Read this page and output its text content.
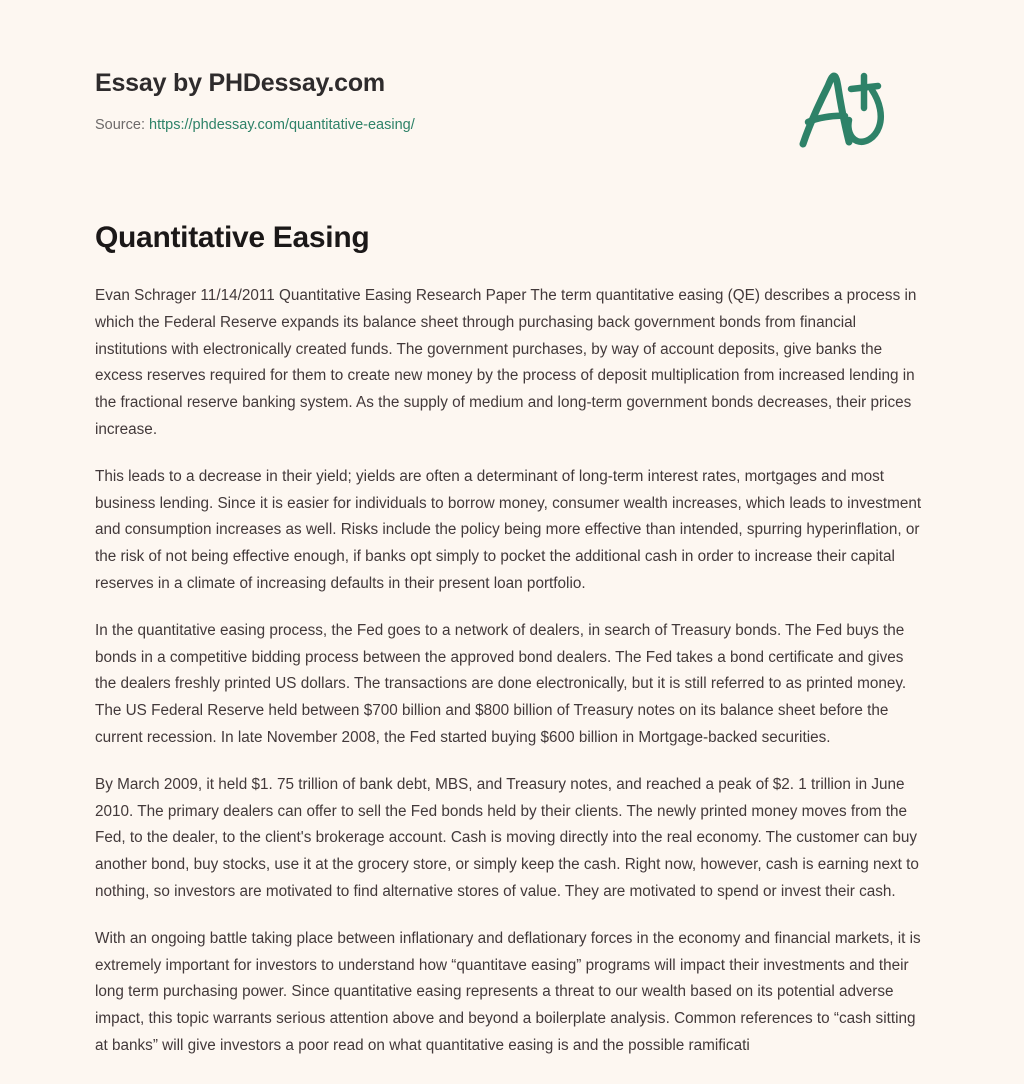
Essay by PHDessay.com
Source: https://phdessay.com/quantitative-easing/
Quantitative Easing

Evan Schrager 11/14/2011 Quantitative Easing Research Paper The term quantitative easing (QE) describes a process in which the Federal Reserve expands its balance sheet through purchasing back government bonds from financial institutions with electronically created funds. The government purchases, by way of account deposits, give banks the excess reserves required for them to create new money by the process of deposit multiplication from increased lending in the fractional reserve banking system. As the supply of medium and long-term government bonds decreases, their prices increase.

This leads to a decrease in their yield; yields are often a determinant of long-term interest rates, mortgages and most business lending. Since it is easier for individuals to borrow money, consumer wealth increases, which leads to investment and consumption increases as well. Risks include the policy being more effective than intended, spurring hyperinflation, or the risk of not being effective enough, if banks opt simply to pocket the additional cash in order to increase their capital reserves in a climate of increasing defaults in their present loan portfolio.

In the quantitative easing process, the Fed goes to a network of dealers, in search of Treasury bonds. The Fed buys the bonds in a competitive bidding process between the approved bond dealers. The Fed takes a bond certificate and gives the dealers freshly printed US dollars. The transactions are done electronically, but it is still referred to as printed money. The US Federal Reserve held between $700 billion and $800 billion of Treasury notes on its balance sheet before the current recession. In late November 2008, the Fed started buying $600 billion in Mortgage-backed securities.

By March 2009, it held $1. 75 trillion of bank debt, MBS, and Treasury notes, and reached a peak of $2. 1 trillion in June 2010. The primary dealers can offer to sell the Fed bonds held by their clients. The newly printed money moves from the Fed, to the dealer, to the client's brokerage account. Cash is moving directly into the real economy. The customer can buy another bond, buy stocks, use it at the grocery store, or simply keep the cash. Right now, however, cash is earning next to nothing, so investors are motivated to find alternative stores of value. They are motivated to spend or invest their cash.

With an ongoing battle taking place between inflationary and deflationary forces in the economy and financial markets, it is extremely important for investors to understand how “quantitave easing” programs will impact their investments and their long term purchasing power. Since quantitative easing represents a threat to our wealth based on its potential adverse impact, this topic warrants serious attention above and beyond a boilerplate analysis. Common references to “cash sitting at banks” will give investors a poor read on what quantitative easing is and the possible ramificati
